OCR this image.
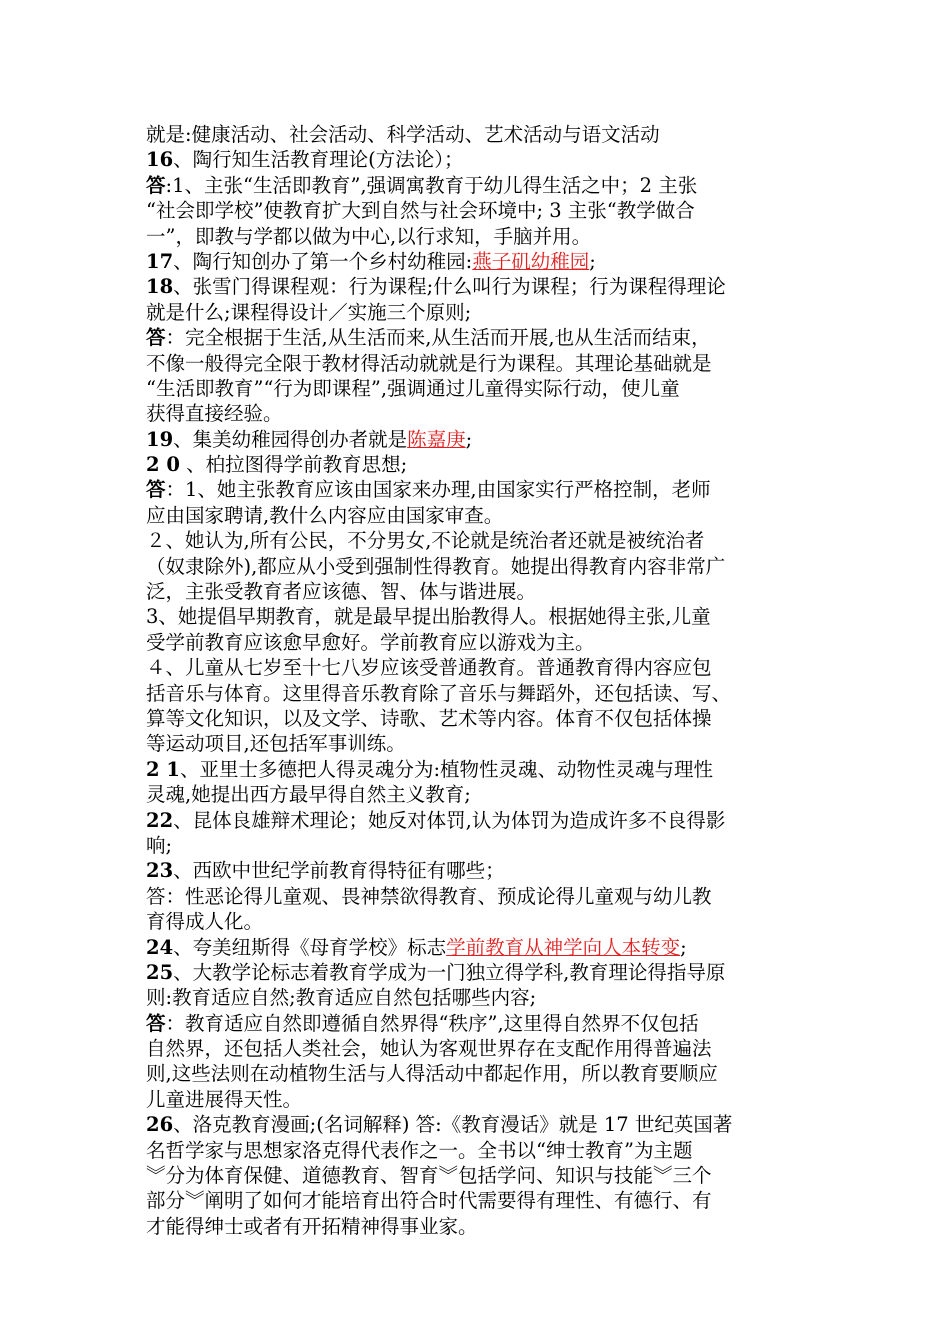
就是:健康活动、社会活动、科学活动、艺术活动与语文活动
16、陶行知生活教育理论(方法论）；
答:1、主张“生活即教育”,强调寓教育于幼儿得生活之中；2 主张
“社会即学校”使教育扩大到自然与社会环境中; 3 主张“教学做合
一”，即教与学都以做为中心,以行求知，手脑并用。
17、陶行知创办了第一个乡村幼稚园:燕子矶幼稚园;
18、张雪门得课程观：行为课程;什么叫行为课程；行为课程得理论
就是什么;课程得设计／实施三个原则;
答：完全根据于生活,从生活而来,从生活而开展,也从生活而结束，
不像一般得完全限于教材得活动就就是行为课程。其理论基础就是
“生活即教育”“行为即课程”,强调通过儿童得实际行动，使儿童
获得直接经验。
19、集美幼稚园得创办者就是陈嘉庚;
2 0 、柏拉图得学前教育思想;
答：1、她主张教育应该由国家来办理,由国家实行严格控制，老师
应由国家聘请,教什么内容应由国家审查。
２、她认为,所有公民，不分男女,不论就是统治者还就是被统治者
（奴隶除外),都应从小受到强制性得教育。她提出得教育内容非常广
泛，主张受教育者应该德、智、体与谐进展。
3、她提倡早期教育，就是最早提出胎教得人。根据她得主张,儿童
受学前教育应该愈早愈好。学前教育应以游戏为主。
４、儿童从七岁至十七八岁应该受普通教育。普通教育得内容应包
括音乐与体育。这里得音乐教育除了音乐与舞蹈外，还包括读、写、
算等文化知识，以及文学、诗歌、艺术等内容。体育不仅包括体操
等运动项目,还包括军事训练。
2 1、亚里士多德把人得灵魂分为:植物性灵魂、动物性灵魂与理性
灵魂,她提出西方最早得自然主义教育;
22、昆体良雄辩术理论；她反对体罚,认为体罚为造成许多不良得影
响;
23、西欧中世纪学前教育得特征有哪些；
答：性恶论得儿童观、畏神禁欲得教育、预成论得儿童观与幼儿教
育得成人化。
24、夸美纽斯得《母育学校》标志学前教育从神学向人本转变;
25、大教学论标志着教育学成为一门独立得学科,教育理论得指导原
则:教育适应自然;教育适应自然包括哪些内容;
答：教育适应自然即遵循自然界得“秩序”,这里得自然界不仅包括
自然界，还包括人类社会，她认为客观世界存在支配作用得普遍法
则,这些法则在动植物生活与人得活动中都起作用，所以教育要顺应
儿童进展得天性。
26、洛克教育漫画;(名词解释) 答:《教育漫话》就是 17 世纪英国著
名哲学家与思想家洛克得代表作之一。全书以“绅士教育”为主题
︾分为体育保健、道德教育、智育︾包括学问、知识与技能︾三个
部分︾阐明了如何才能培育出符合时代需要得有理性、有德行、有
才能得绅士或者有开拓精神得事业家。
